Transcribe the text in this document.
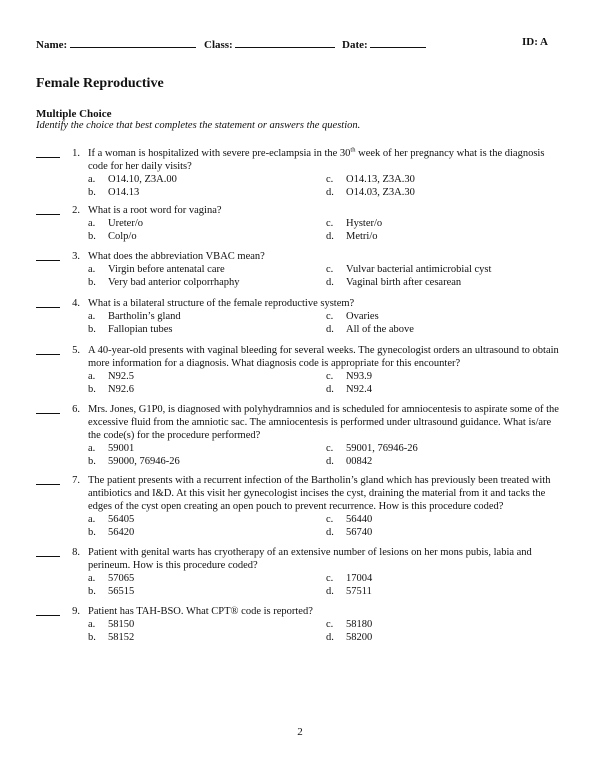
Name:	Class:	Date:	ID: A
Female Reproductive
Multiple Choice
Identify the choice that best completes the statement or answers the question.
1. If a woman is hospitalized with severe pre-eclampsia in the 30th week of her pregnancy what is the diagnosis code for her daily visits?
a. O14.10, Z3A.00
b. O14.13
c. O14.13, Z3A.30
d. O14.03, Z3A.30
2. What is a root word for vagina?
a. Ureter/o
b. Colp/o
c. Hyster/o
d. Metri/o
3. What does the abbreviation VBAC mean?
a. Virgin before antenatal care
b. Very bad anterior colporrhaphy
c. Vulvar bacterial antimicrobial cyst
d. Vaginal birth after cesarean
4. What is a bilateral structure of the female reproductive system?
a. Bartholin’s gland
b. Fallopian tubes
c. Ovaries
d. All of the above
5. A 40-year-old presents with vaginal bleeding for several weeks. The gynecologist orders an ultrasound to obtain more information for a diagnosis. What diagnosis code is appropriate for this encounter?
a. N92.5
b. N92.6
c. N93.9
d. N92.4
6. Mrs. Jones, G1P0, is diagnosed with polyhydramnios and is scheduled for amniocentesis to aspirate some of the excessive fluid from the amniotic sac. The amniocentesis is performed under ultrasound guidance. What is/are the code(s) for the procedure performed?
a. 59001
b. 59000, 76946-26
c. 59001, 76946-26
d. 00842
7. The patient presents with a recurrent infection of the Bartholin’s gland which has previously been treated with antibiotics and I&D. At this visit her gynecologist incises the cyst, draining the material from it and tacks the edges of the cyst open creating an open pouch to prevent recurrence. How is this procedure coded?
a. 56405
b. 56420
c. 56440
d. 56740
8. Patient with genital warts has cryotherapy of an extensive number of lesions on her mons pubis, labia and perineum. How is this procedure coded?
a. 57065
b. 56515
c. 17004
d. 57511
9. Patient has TAH-BSO. What CPT® code is reported?
a. 58150
b. 58152
c. 58180
d. 58200
2
